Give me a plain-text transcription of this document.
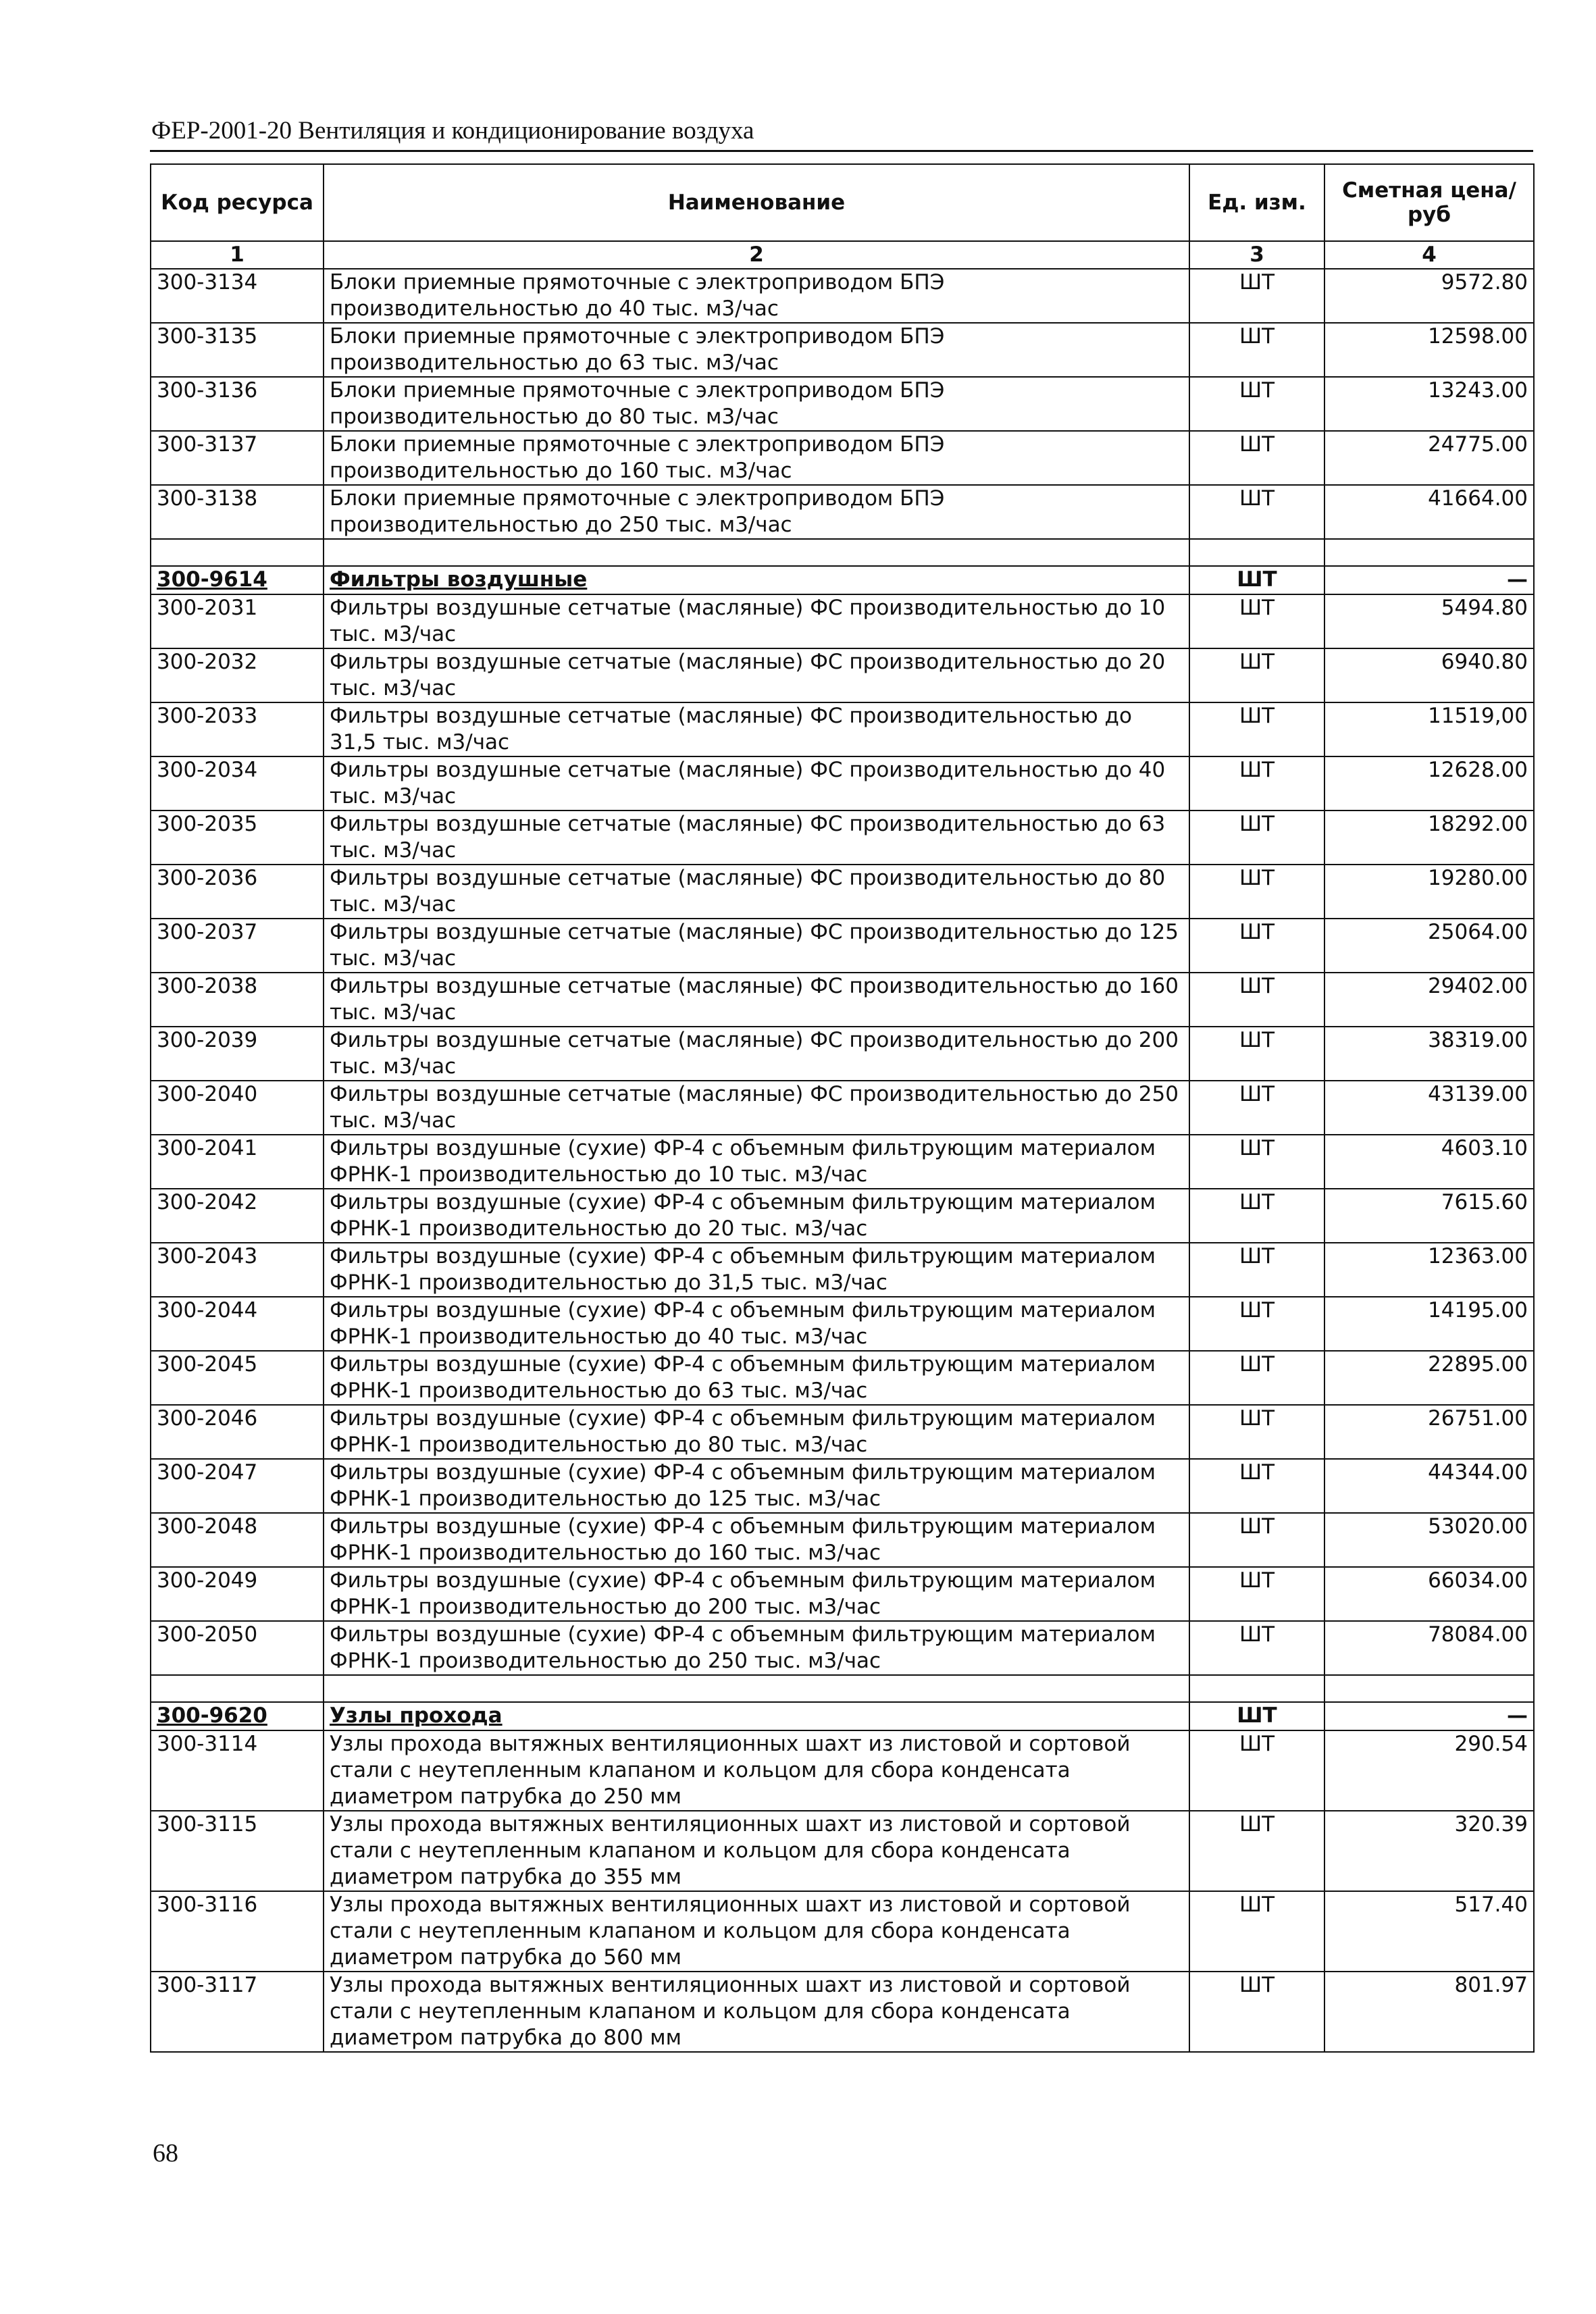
ФЕР-2001-20 Вентиляция и кондиционирование воздуха
Код ресурса	Наименование	Ед. изм.	Сметная цена/руб
1	2	3	4
300-3134	Блоки приемные прямоточные с электроприводом БПЭ производительностью до 40 тыс. м3/час	ШТ	9572.80
300-3135	Блоки приемные прямоточные с электроприводом БПЭ производительностью до 63 тыс. м3/час	ШТ	12598.00
300-3136	Блоки приемные прямоточные с электроприводом БПЭ производительностью до 80 тыс. м3/час	ШТ	13243.00
300-3137	Блоки приемные прямоточные с электроприводом БПЭ производительностью до 160 тыс. м3/час	ШТ	24775.00
300-3138	Блоки приемные прямоточные с электроприводом БПЭ производительностью до 250 тыс. м3/час	ШТ	41664.00

300-9614	Фильтры воздушные	ШТ	—
300-2031	Фильтры воздушные сетчатые (масляные) ФС производительностью до 10 тыс. м3/час	ШТ	5494.80
300-2032	Фильтры воздушные сетчатые (масляные) ФС производительностью до 20 тыс. м3/час	ШТ	6940.80
300-2033	Фильтры воздушные сетчатые (масляные) ФС производительностью до 31,5 тыс. м3/час	ШТ	11519,00
300-2034	Фильтры воздушные сетчатые (масляные) ФС производительностью до 40 тыс. м3/час	ШТ	12628.00
300-2035	Фильтры воздушные сетчатые (масляные) ФС производительностью до 63 тыс. м3/час	ШТ	18292.00
300-2036	Фильтры воздушные сетчатые (масляные) ФС производительностью до 80 тыс. м3/час	ШТ	19280.00
300-2037	Фильтры воздушные сетчатые (масляные) ФС производительностью до 125 тыс. м3/час	ШТ	25064.00
300-2038	Фильтры воздушные сетчатые (масляные) ФС производительностью до 160 тыс. м3/час	ШТ	29402.00
300-2039	Фильтры воздушные сетчатые (масляные) ФС производительностью до 200 тыс. м3/час	ШТ	38319.00
300-2040	Фильтры воздушные сетчатые (масляные) ФС производительностью до 250 тыс. м3/час	ШТ	43139.00
300-2041	Фильтры воздушные (сухие) ФР-4 с объемным фильтрующим материалом ФРНК-1 производительностью до 10 тыс. м3/час	ШТ	4603.10
300-2042	Фильтры воздушные (сухие) ФР-4 с объемным фильтрующим материалом ФРНК-1 производительностью до 20 тыс. м3/час	ШТ	7615.60
300-2043	Фильтры воздушные (сухие) ФР-4 с объемным фильтрующим материалом ФРНК-1 производительностью до 31,5 тыс. м3/час	ШТ	12363.00
300-2044	Фильтры воздушные (сухие) ФР-4 с объемным фильтрующим материалом ФРНК-1 производительностью до 40 тыс. м3/час	ШТ	14195.00
300-2045	Фильтры воздушные (сухие) ФР-4 с объемным фильтрующим материалом ФРНК-1 производительностью до 63 тыс. м3/час	ШТ	22895.00
300-2046	Фильтры воздушные (сухие) ФР-4 с объемным фильтрующим материалом ФРНК-1 производительностью до 80 тыс. м3/час	ШТ	26751.00
300-2047	Фильтры воздушные (сухие) ФР-4 с объемным фильтрующим материалом ФРНК-1 производительностью до 125 тыс. м3/час	ШТ	44344.00
300-2048	Фильтры воздушные (сухие) ФР-4 с объемным фильтрующим материалом ФРНК-1 производительностью до 160 тыс. м3/час	ШТ	53020.00
300-2049	Фильтры воздушные (сухие) ФР-4 с объемным фильтрующим материалом ФРНК-1 производительностью до 200 тыс. м3/час	ШТ	66034.00
300-2050	Фильтры воздушные (сухие) ФР-4 с объемным фильтрующим материалом ФРНК-1 производительностью до 250 тыс. м3/час	ШТ	78084.00

300-9620	Узлы прохода	ШТ	—
300-3114	Узлы прохода вытяжных вентиляционных шахт из листовой и сортовой стали с неутепленным клапаном и кольцом для сбора конденсата диаметром патрубка до 250 мм	ШТ	290.54
300-3115	Узлы прохода вытяжных вентиляционных шахт из листовой и сортовой стали с неутепленным клапаном и кольцом для сбора конденсата диаметром патрубка до 355 мм	ШТ	320.39
300-3116	Узлы прохода вытяжных вентиляционных шахт из листовой и сортовой стали с неутепленным клапаном и кольцом для сбора конденсата диаметром патрубка до 560 мм	ШТ	517.40
300-3117	Узлы прохода вытяжных вентиляционных шахт из листовой и сортовой стали с неутепленным клапаном и кольцом для сбора конденсата диаметром патрубка до 800 мм	ШТ	801.97
68
